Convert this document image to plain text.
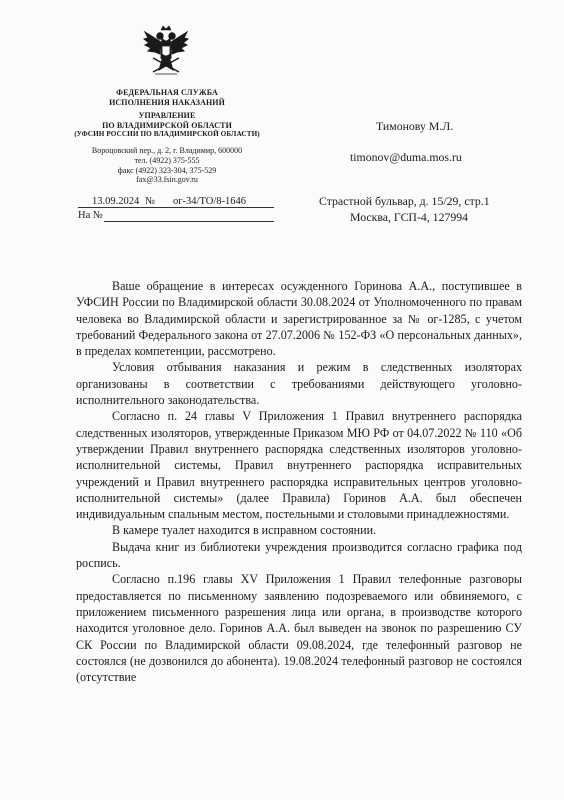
ФЕДЕРАЛЬНАЯ СЛУЖБА
ИСПОЛНЕНИЯ НАКАЗАНИЙ
УПРАВЛЕНИЕ
ПО ВЛАДИМИРСКОЙ ОБЛАСТИ
(УФСИН РОССИИ ПО ВЛАДИМИРСКОЙ ОБЛАСТИ)
Вороцовский пер., д. 2, г. Владимир, 600000
тел. (4922) 375-555
факс (4922) 323-304, 375-529
fax@33.fsin.gov.ru
13.09.2024 № ог-34/ТО/8-1646
На №
Тимонову М.Л.
timonov@duma.mos.ru
Страстной бульвар, д. 15/29, стр.1
Москва, ГСП-4, 127994

Ваше обращение в интересах осужденного Горинова А.А., поступившее в УФСИН России по Владимирской области 30.08.2024 от Уполномоченного по правам человека во Владимирской области и зарегистрированное за № ог-1285, с учетом требований Федерального закона от 27.07.2006 № 152-ФЗ «О персональных данных», в пределах компетенции, рассмотрено.

Условия отбывания наказания и режим в следственных изоляторах организованы в соответствии с требованиями действующего уголовно-исполнительного законодательства.

Согласно п. 24 главы V Приложения 1 Правил внутреннего распорядка следственных изоляторов, утвержденные Приказом МЮ РФ от 04.07.2022 № 110 «Об утверждении Правил внутреннего распорядка следственных изоляторов уголовно-исполнительной системы, Правил внутреннего распорядка исправительных учреждений и Правил внутреннего распорядка исправительных центров уголовно-исполнительной системы» (далее Правила) Горинов А.А. был обеспечен индивидуальным спальным местом, постельными и столовыми принадлежностями.

В камере туалет находится в исправном состоянии.

Выдача книг из библиотеки учреждения производится согласно графика под роспись.

Согласно п.196 главы XV Приложения 1 Правил телефонные разговоры предоставляется по письменному заявлению подозреваемого или обвиняемого, с приложением письменного разрешения лица или органа, в производстве которого находится уголовное дело. Горинов А.А. был выведен на звонок по разрешению СУ СК России по Владимирской области 09.08.2024, где телефонный разговор не состоялся (не дозвонился до абонента). 19.08.2024 телефонный разговор не состоялся (отсутствие
